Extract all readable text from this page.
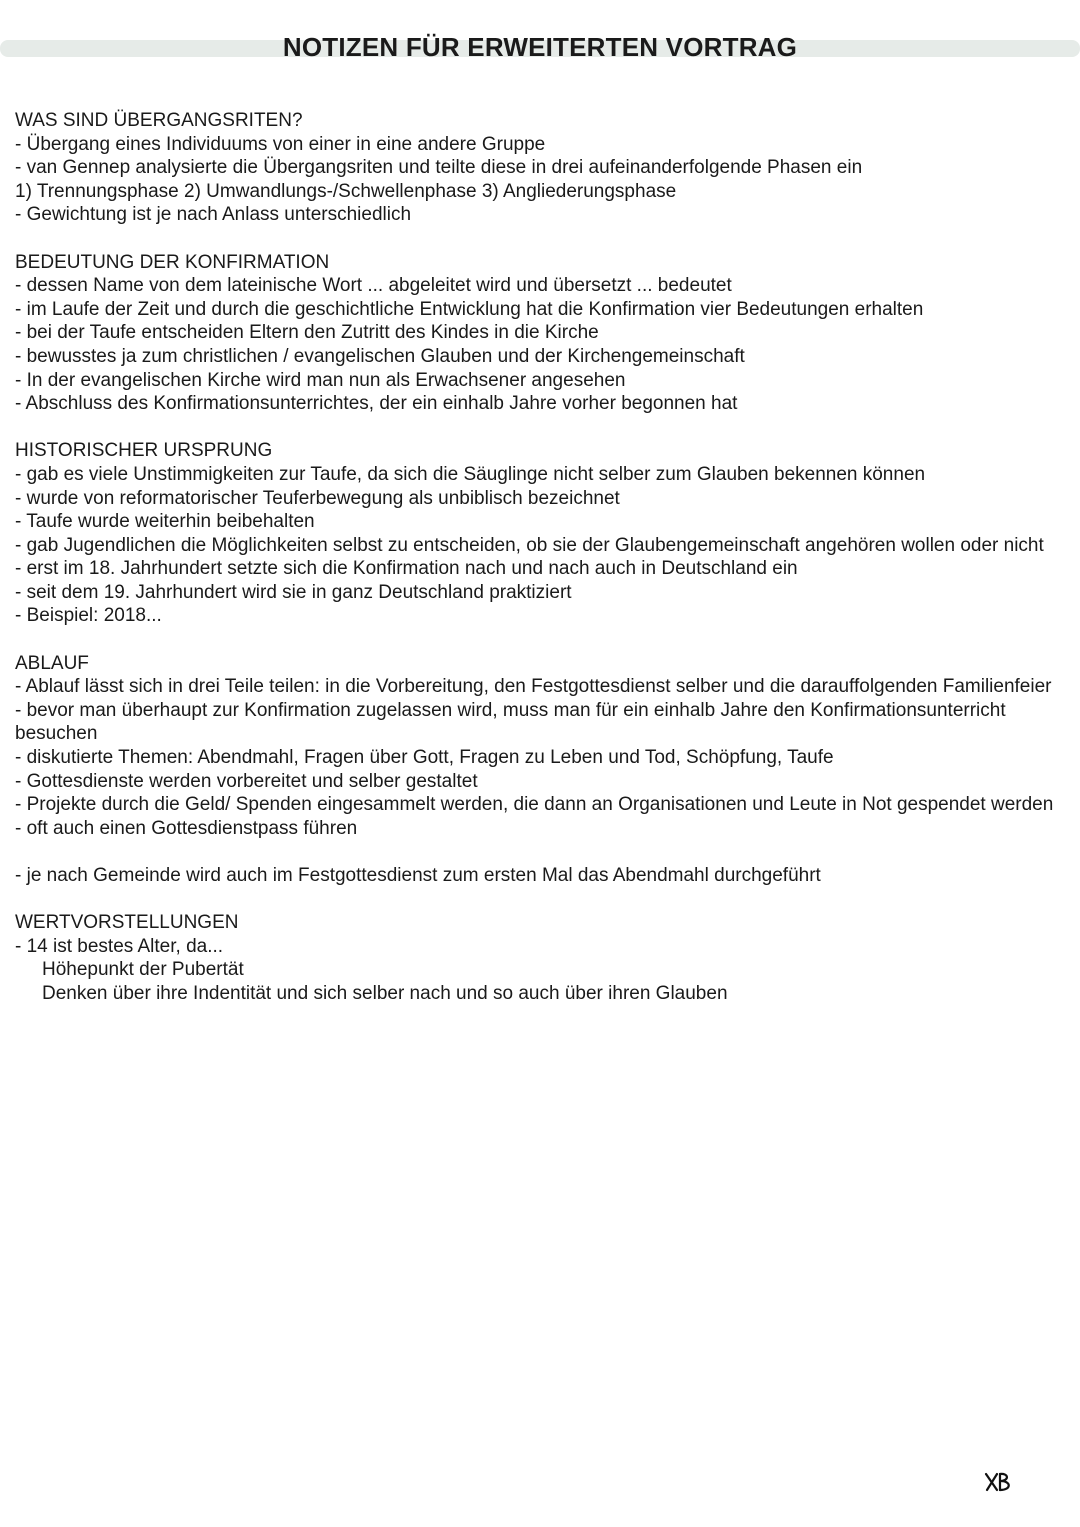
NOTIZEN FÜR ERWEITERTEN VORTRAG
WAS SIND ÜBERGANGSRITEN?
- Übergang eines Individuums von einer in eine andere Gruppe
- van Gennep analysierte die Übergangsriten und teilte diese in drei aufeinanderfolgende Phasen ein
1) Trennungsphase 2) Umwandlungs-/Schwellenphase 3) Angliederungsphase
- Gewichtung ist je nach Anlass unterschiedlich
BEDEUTUNG DER KONFIRMATION
- dessen Name von dem lateinische Wort ... abgeleitet wird und übersetzt ... bedeutet
- im Laufe der Zeit und durch die geschichtliche Entwicklung hat die Konfirmation vier Bedeutungen erhalten
- bei der Taufe entscheiden Eltern den Zutritt des Kindes in die Kirche
- bewusstes ja zum christlichen / evangelischen Glauben und der Kirchengemeinschaft
- In der evangelischen Kirche wird man nun als Erwachsener angesehen
- Abschluss des Konfirmationsunterrichtes, der ein einhalb Jahre vorher begonnen hat
HISTORISCHER URSPRUNG
- gab es viele Unstimmigkeiten zur Taufe, da sich die Säuglinge nicht selber zum Glauben bekennen können
- wurde von reformatorischer Teuferbewegung als unbiblisch bezeichnet
- Taufe wurde weiterhin beibehalten
- gab Jugendlichen die Möglichkeiten selbst zu entscheiden, ob sie der Glaubengemeinschaft angehören wollen oder nicht
- erst im 18. Jahrhundert setzte sich die Konfirmation nach und nach auch in Deutschland ein
- seit dem 19. Jahrhundert wird sie in ganz Deutschland praktiziert
- Beispiel: 2018...
ABLAUF
- Ablauf lässt sich in drei Teile teilen: in die Vorbereitung, den Festgottesdienst selber und die darauffolgenden Familienfeier
- bevor man überhaupt zur Konfirmation zugelassen wird, muss man für ein einhalb Jahre den Konfirmationsunterricht besuchen
- diskutierte Themen: Abendmahl, Fragen über Gott, Fragen zu Leben und Tod, Schöpfung, Taufe
- Gottesdienste werden vorbereitet und selber gestaltet
- Projekte durch die Geld/ Spenden eingesammelt werden, die dann an Organisationen und Leute in Not gespendet werden
- oft auch einen Gottesdienstpass führen
- je nach Gemeinde wird auch im Festgottesdienst zum ersten Mal das Abendmahl durchgeführt
WERTVORSTELLUNGEN
- 14 ist bestes Alter, da...
Höhepunkt der Pubertät
Denken über ihre Indentität und sich selber nach und so auch über ihren Glauben
